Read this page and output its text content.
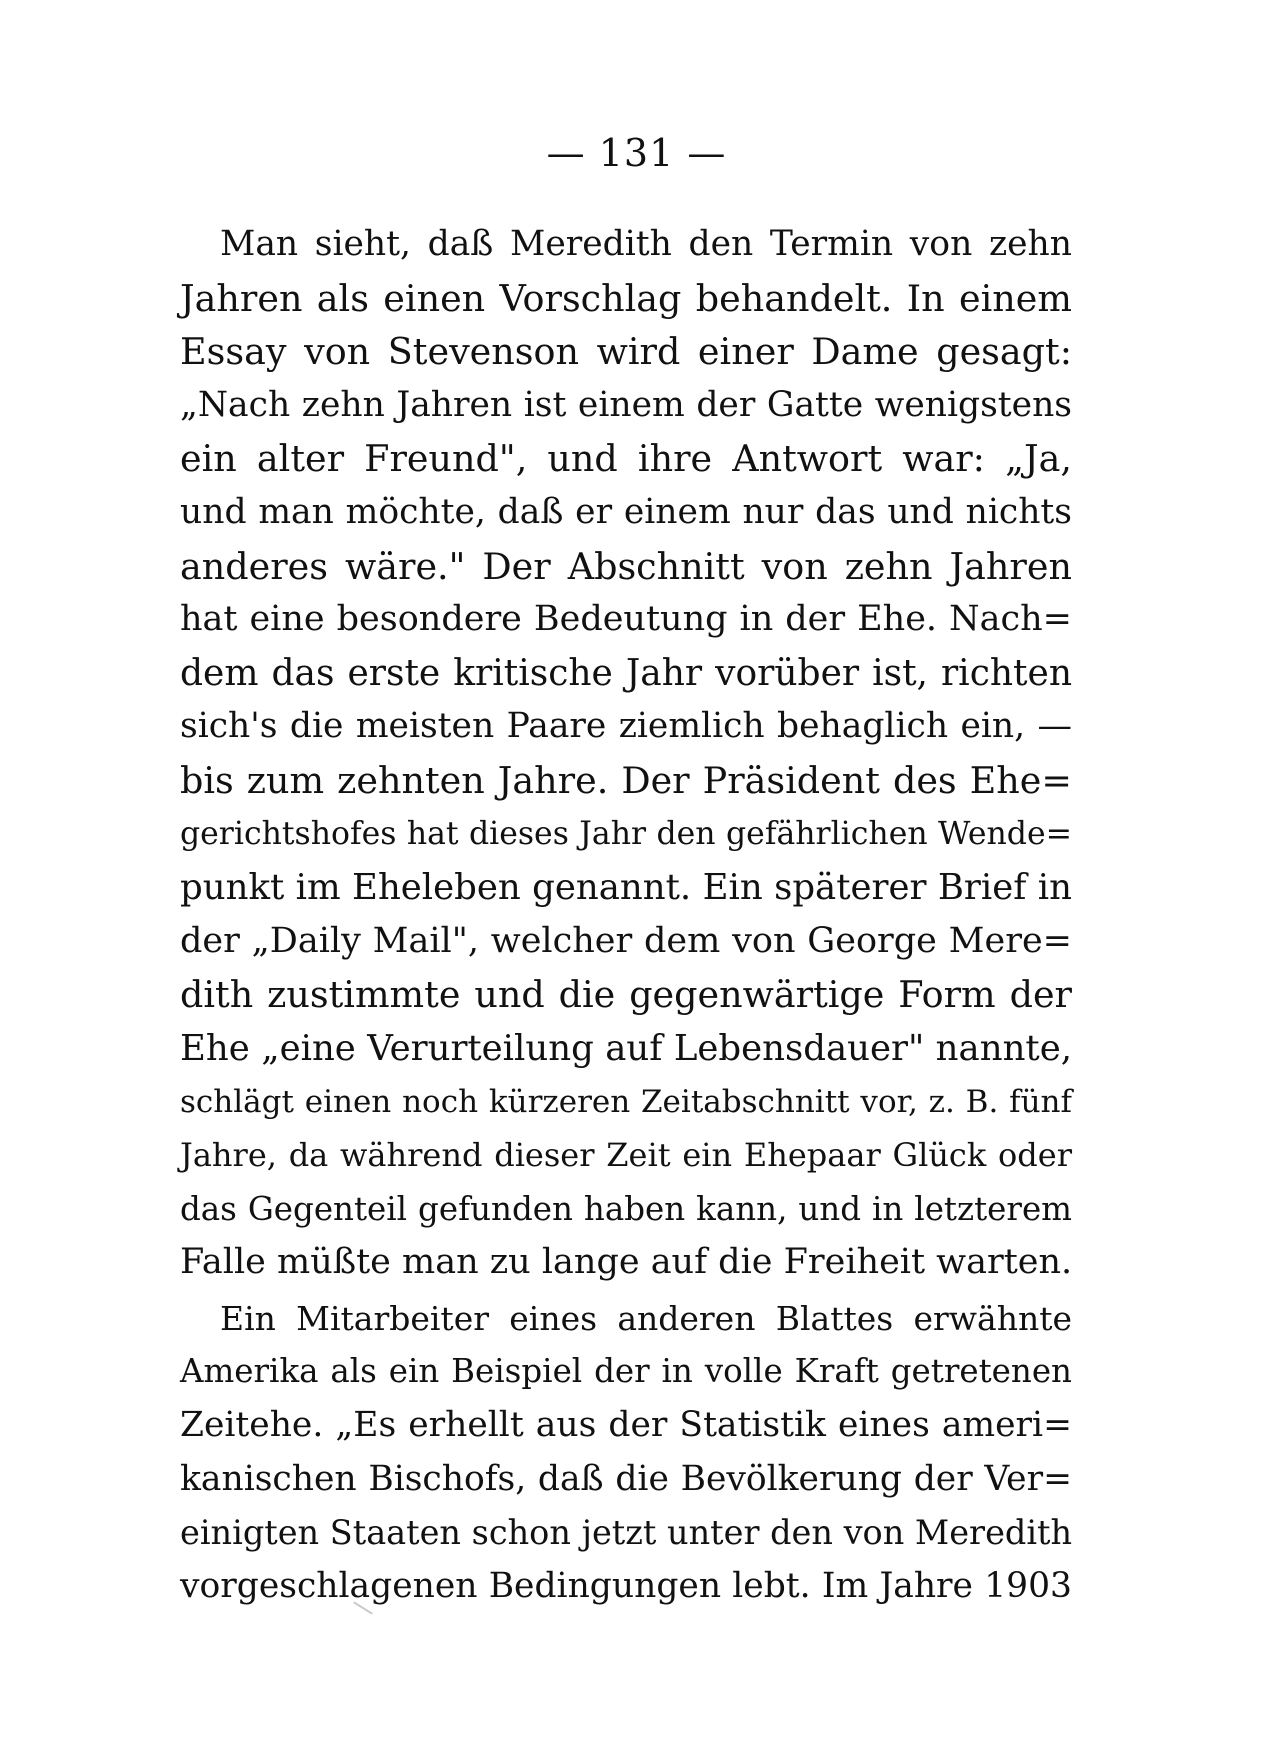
— 131 —
Man sieht, daß Meredith den Termin von zehn
Jahren als einen Vorschlag behandelt. In einem
Essay von Stevenson wird einer Dame gesagt:
„Nach zehn Jahren ist einem der Gatte wenigstens
ein alter Freund", und ihre Antwort war: „Ja,
und man möchte, daß er einem nur das und nichts
anderes wäre." Der Abschnitt von zehn Jahren
hat eine besondere Bedeutung in der Ehe. Nach=
dem das erste kritische Jahr vorüber ist, richten
sich's die meisten Paare ziemlich behaglich ein, —
bis zum zehnten Jahre. Der Präsident des Ehe=
gerichtshofes hat dieses Jahr den gefährlichen Wende=
punkt im Eheleben genannt. Ein späterer Brief in
der „Daily Mail", welcher dem von George Mere=
dith zustimmte und die gegenwärtige Form der
Ehe „eine Verurteilung auf Lebensdauer" nannte,
schlägt einen noch kürzeren Zeitabschnitt vor, z. B. fünf
Jahre, da während dieser Zeit ein Ehepaar Glück oder
das Gegenteil gefunden haben kann, und in letzterem
Falle müßte man zu lange auf die Freiheit warten.
Ein Mitarbeiter eines anderen Blattes erwähnte
Amerika als ein Beispiel der in volle Kraft getretenen
Zeitehe. „Es erhellt aus der Statistik eines ameri=
kanischen Bischofs, daß die Bevölkerung der Ver=
einigten Staaten schon jetzt unter den von Meredith
vorgeschlagenen Bedingungen lebt. Im Jahre 1903
